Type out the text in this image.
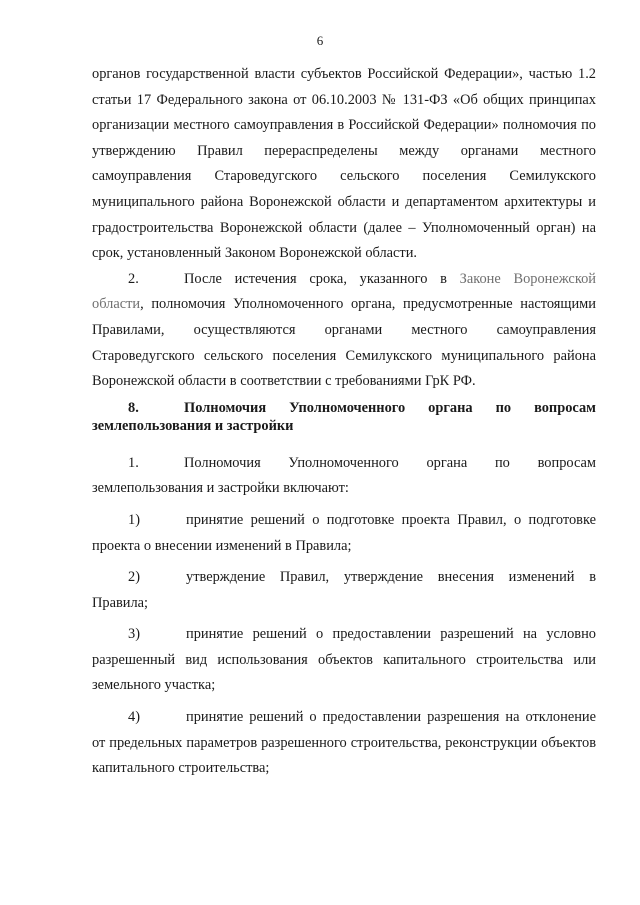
6

органов государственной власти субъектов Российской Федерации», частью 1.2 статьи 17 Федерального закона от 06.10.2003 № 131-ФЗ «Об общих принципах организации местного самоуправления в Российской Федерации» полномочия по утверждению Правил перераспределены между органами местного самоуправления Староведугского сельского поселения Семилукского муниципального района Воронежской области и департаментом архитектуры и градостроительства Воронежской области (далее – Уполномоченный орган) на срок, установленный Законом Воронежской области.

2.	После истечения срока, указанного в Законе Воронежской области, полномочия Уполномоченного органа, предусмотренные настоящими Правилами, осуществляются органами местного самоуправления Староведугского сельского поселения Семилукского муниципального района Воронежской области в соответствии с требованиями ГрК РФ.

8.	Полномочия Уполномоченного органа по вопросам землепользования и застройки

1.	Полномочия Уполномоченного органа по вопросам землепользования и застройки включают:

1)	принятие решений о подготовке проекта Правил, о подготовке проекта о внесении изменений в Правила;

2)	утверждение Правил, утверждение внесения изменений в Правила;

3)	принятие решений о предоставлении разрешений на условно разрешенный вид использования объектов капитального строительства или земельного участка;

4)	принятие решений о предоставлении разрешения на отклонение от предельных параметров разрешенного строительства, реконструкции объектов капитального строительства;
